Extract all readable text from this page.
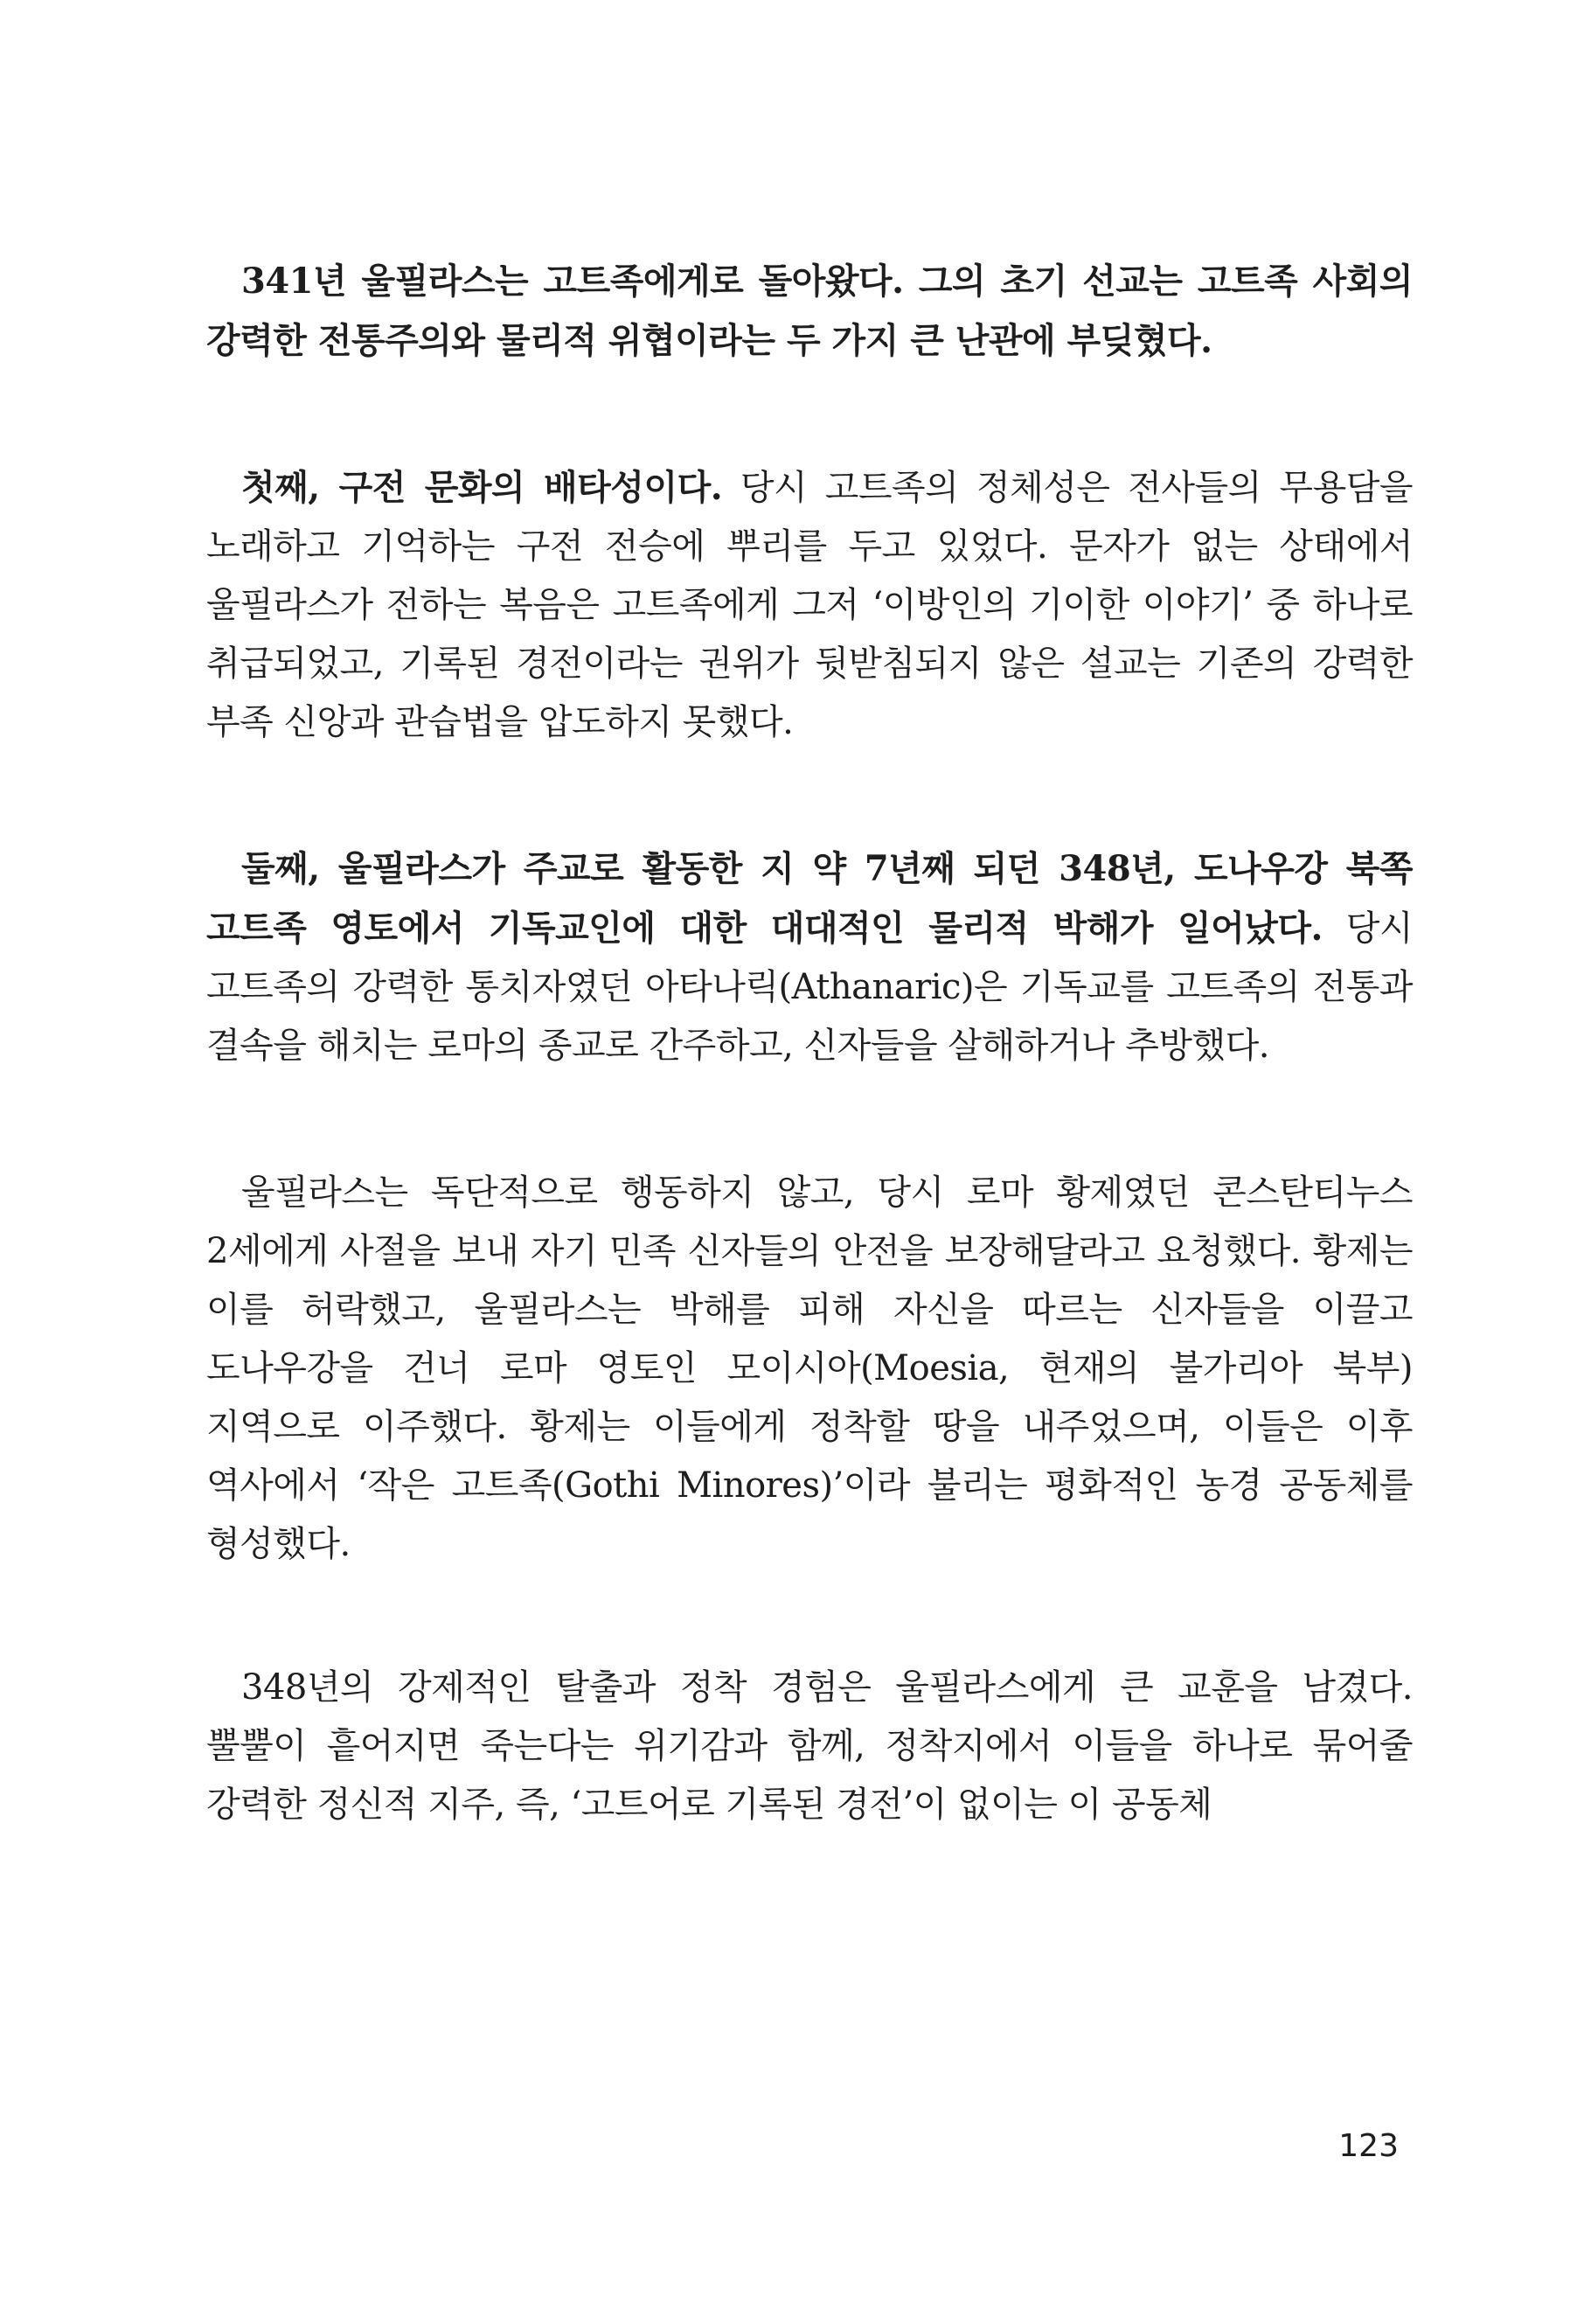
341년 울필라스는 고트족에게로 돌아왔다. 그의 초기 선교는 고트족 사회의 강력한 전통주의와 물리적 위협이라는 두 가지 큰 난관에 부딪혔다.

첫째, 구전 문화의 배타성이다. 당시 고트족의 정체성은 전사들의 무용담을 노래하고 기억하는 구전 전승에 뿌리를 두고 있었다. 문자가 없는 상태에서 울필라스가 전하는 복음은 고트족에게 그저 ‘이방인의 기이한 이야기’ 중 하나로 취급되었고, 기록된 경전이라는 권위가 뒷받침되지 않은 설교는 기존의 강력한 부족 신앙과 관습법을 압도하지 못했다.

둘째, 울필라스가 주교로 활동한 지 약 7년째 되던 348년, 도나우강 북쪽 고트족 영토에서 기독교인에 대한 대대적인 물리적 박해가 일어났다. 당시 고트족의 강력한 통치자였던 아타나릭(Athanaric)은 기독교를 고트족의 전통과 결속을 해치는 로마의 종교로 간주하고, 신자들을 살해하거나 추방했다.

울필라스는 독단적으로 행동하지 않고, 당시 로마 황제였던 콘스탄티누스 2세에게 사절을 보내 자기 민족 신자들의 안전을 보장해달라고 요청했다. 황제는 이를 허락했고, 울필라스는 박해를 피해 자신을 따르는 신자들을 이끌고 도나우강을 건너 로마 영토인 모이시아(Moesia, 현재의 불가리아 북부) 지역으로 이주했다. 황제는 이들에게 정착할 땅을 내주었으며, 이들은 이후 역사에서 ‘작은 고트족(Gothi Minores)’이라 불리는 평화적인 농경 공동체를 형성했다.

348년의 강제적인 탈출과 정착 경험은 울필라스에게 큰 교훈을 남겼다. 뿔뿔이 흩어지면 죽는다는 위기감과 함께, 정착지에서 이들을 하나로 묶어줄 강력한 정신적 지주, 즉, ‘고트어로 기록된 경전’이 없이는 이 공동체

123
